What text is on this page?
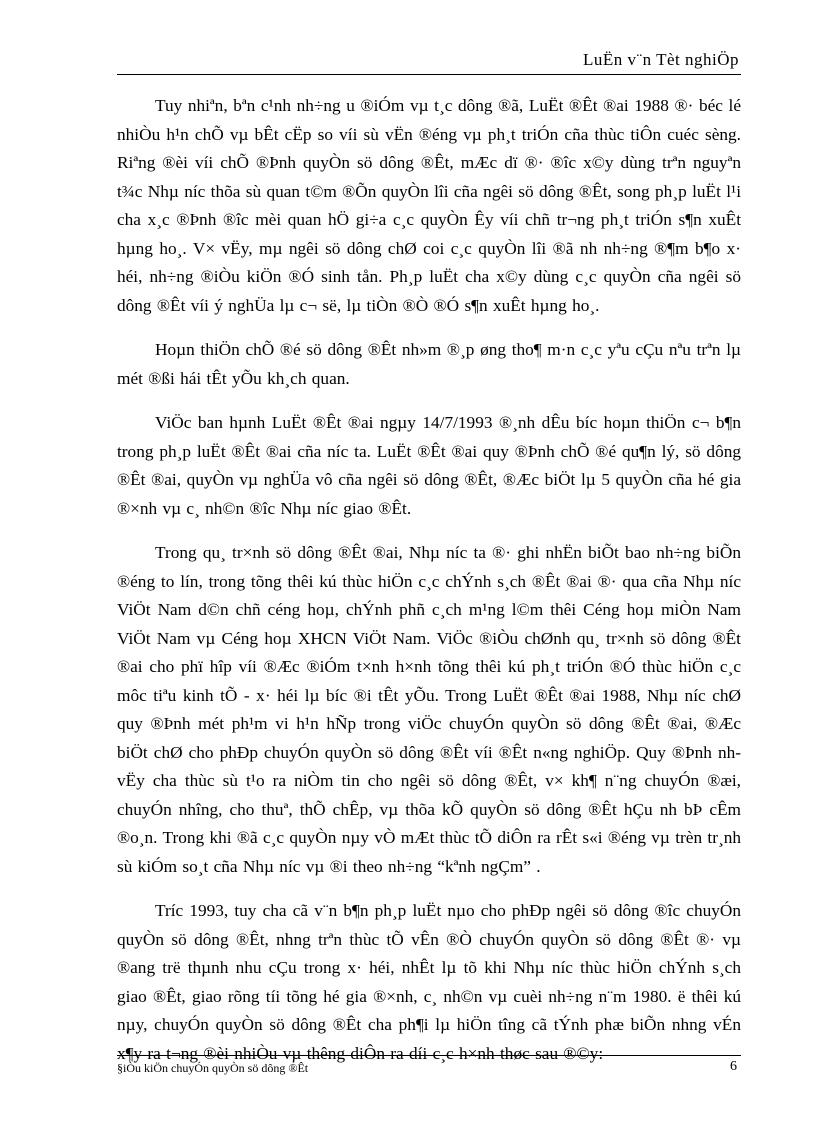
LuËn v¨n Tèt nghiÖp

Tuy nhiªn, bªn c¹nh nh÷ng u ®iÓm vµ t¸c dông ®ã, LuËt ®Êt ®ai 1988 ®· béc lé nhiÒu h¹n chÕ vµ bÊt cËp so víi sù vËn ®éng vµ ph¸t triÓn cña thùc tiÔn cuéc sèng. Riªng ®èi víi chÕ ®Þnh quyÒn sö dông ®Êt, mÆc dï ®· ®îc x©y dùng trªn nguyªn t¾c Nhµ níc thõa sù quan t©m ®Õn quyÒn lîi cña ngêi sö dông ®Êt, song ph¸p luËt l¹i cha x¸c ®Þnh ®îc mèi quan hÖ gi÷a c¸c quyÒn Êy víi chñ tr¬ng ph¸t triÓn s¶n xuÊt hµng ho¸. V× vËy, mµ ngêi sö dông chØ coi c¸c quyÒn lîi ®ã nh nh÷ng ®¶m b¶o x· héi, nh÷ng ®iÒu kiÖn ®Ó sinh tån. Ph¸p luËt cha x©y dùng c¸c quyÒn cña ngêi sö dông ®Êt víi ý nghÜa lµ c¬ së, lµ tiÒn ®Ò ®Ó s¶n xuÊt hµng ho¸.

Hoµn thiÖn chÕ ®é sö dông ®Êt nh»m ®¸p øng tho¶ m·n c¸c yªu cÇu nªu trªn lµ mét ®ßi hái tÊt yÕu kh¸ch quan.

ViÖc ban hµnh LuËt ®Êt ®ai ngµy 14/7/1993 ®¸nh dÊu bíc hoµn thiÖn c¬ b¶n trong ph¸p luËt ®Êt ®ai cña níc ta. LuËt ®Êt ®ai quy ®Þnh chÕ ®é qu¶n lý, sö dông ®Êt ®ai, quyÒn vµ nghÜa vô cña ngêi sö dông ®Êt, ®Æc biÖt lµ 5 quyÒn cña hé gia ®×nh vµ c¸ nh©n ®îc Nhµ níc giao ®Êt.

Trong qu¸ tr×nh sö dông ®Êt ®ai, Nhµ níc ta ®· ghi nhËn biÕt bao nh÷ng biÕn ®éng to lín, trong tõng thêi kú thùc hiÖn c¸c chÝnh s¸ch ®Êt ®ai ®· qua cña Nhµ níc ViÖt Nam d©n chñ céng hoµ, chÝnh phñ c¸ch m¹ng l©m thêi Céng hoµ miÒn Nam ViÖt Nam vµ Céng hoµ XHCN ViÖt Nam. ViÖc ®iÒu chØnh qu¸ tr×nh sö dông ®Êt ®ai cho phï hîp víi ®Æc ®iÓm t×nh h×nh tõng thêi kú ph¸t triÓn ®Ó thùc hiÖn c¸c môc tiªu kinh tÕ - x· héi lµ bíc ®i tÊt yÕu. Trong LuËt ®Êt ®ai 1988, Nhµ níc chØ quy ®Þnh mét ph¹m vi h¹n hÑp trong viÖc chuyÓn quyÒn sö dông ®Êt ®ai, ®Æc biÖt chØ cho phÐp chuyÓn quyÒn sö dông ®Êt víi ®Êt n«ng nghiÖp. Quy ®Þnh nh vËy cha thùc sù t¹o ra niÒm tin cho ngêi sö dông ®Êt, v× kh¶ n¨ng chuyÓn ®æi, chuyÓn nhîng, cho thuª, thÕ chÊp, vµ thõa kÕ quyÒn sö dông ®Êt hÇu nh bÞ cÊm ®o¸n. Trong khi ®ã c¸c quyÒn nµy vÒ mÆt thùc tÕ diÔn ra rÊt s«i ®éng vµ trèn tr¸nh sù kiÓm so¸t cña Nhµ níc vµ ®i theo nh÷ng “kªnh ngÇm” .

Tríc 1993, tuy cha cã v¨n b¶n ph¸p luËt nµo cho phÐp ngêi sö dông ®îc chuyÓn quyÒn sö dông ®Êt, nhng trªn thùc tÕ vÊn ®Ò chuyÓn quyÒn sö dông ®Êt ®· vµ ®ang trë thµnh nhu cÇu trong x· héi, nhÊt lµ tõ khi Nhµ níc thùc hiÖn chÝnh s¸ch giao ®Êt, giao rõng tíi tõng hé gia ®×nh, c¸ nh©n vµ cuèi nh÷ng n¨m 1980. ë thêi kú nµy, chuyÓn quyÒn sö dông ®Êt cha ph¶i lµ hiÖn tîng cã tÝnh phæ biÕn nhng vÉn x¶y ra t¬ng ®èi nhiÒu vµ thêng diÔn ra díi c¸c h×nh thøc sau ®©y:

§iÒu kiÖn chuyÓn quyÒn sö dông ®Êt	6
